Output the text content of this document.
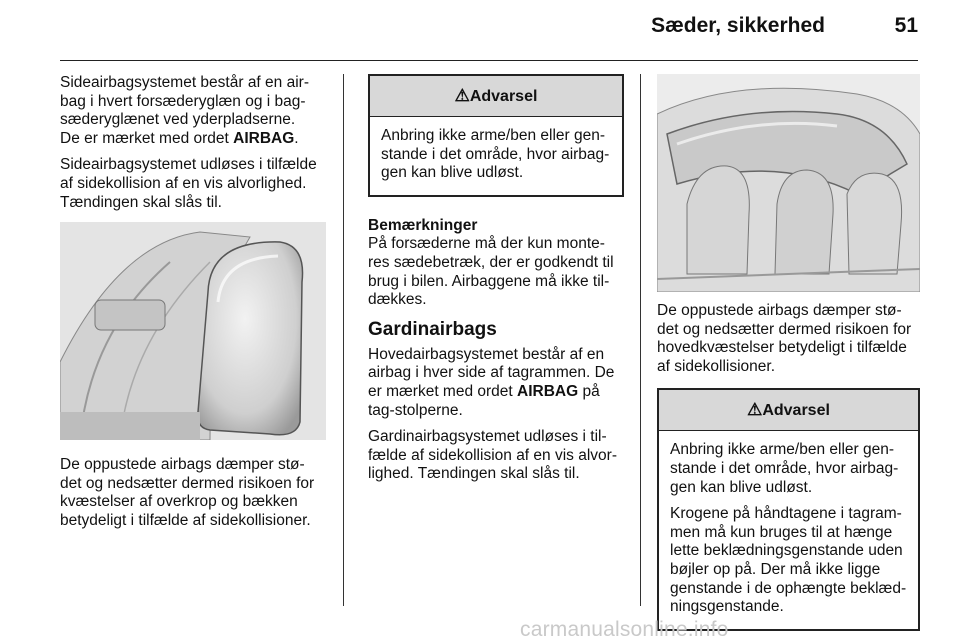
Sæder, sikkerhed	51

Sideairbagsystemet består af en air-
bag i hvert forsæderyglæn og i bag-
sæderyglænet ved yderpladserne.
De er mærket med ordet AIRBAG.

Sideairbagsystemet udløses i tilfælde af sidekollision af en vis alvorlighed. Tændingen skal slås til.

De oppustede airbags dæmper stø-det og nedsætter dermed risikoen for kvæstelser af overkrop og bækken betydeligt i tilfælde af sidekollisioner.

⚠Advarsel

Anbring ikke arme/ben eller gen-stande i det område, hvor airbag-gen kan blive udløst.

Bemærkninger

På forsæderne må der kun monte-res sædebetræk, der er godkendt til brug i bilen. Airbaggene må ikke til-dækkes.

Gardinairbags

Hovedairbagsystemet består af en airbag i hver side af tagrammen. De er mærket med ordet AIRBAG på tag-stolperne.

Gardinairbagsystemet udløses i til-fælde af sidekollision af en vis alvor-lighed. Tændingen skal slås til.

De oppustede airbags dæmper stø-det og nedsætter dermed risikoen for hovedkvæstelser betydeligt i tilfælde af sidekollisioner.

⚠Advarsel

Anbring ikke arme/ben eller gen-stande i det område, hvor airbag-gen kan blive udløst.

Krogene på håndtagene i tagram-men må kun bruges til at hænge lette beklædningsgenstande uden bøjler op på. Der må ikke ligge genstande i de ophængte beklæd-ningsgenstande.

carmanualsonline.info
